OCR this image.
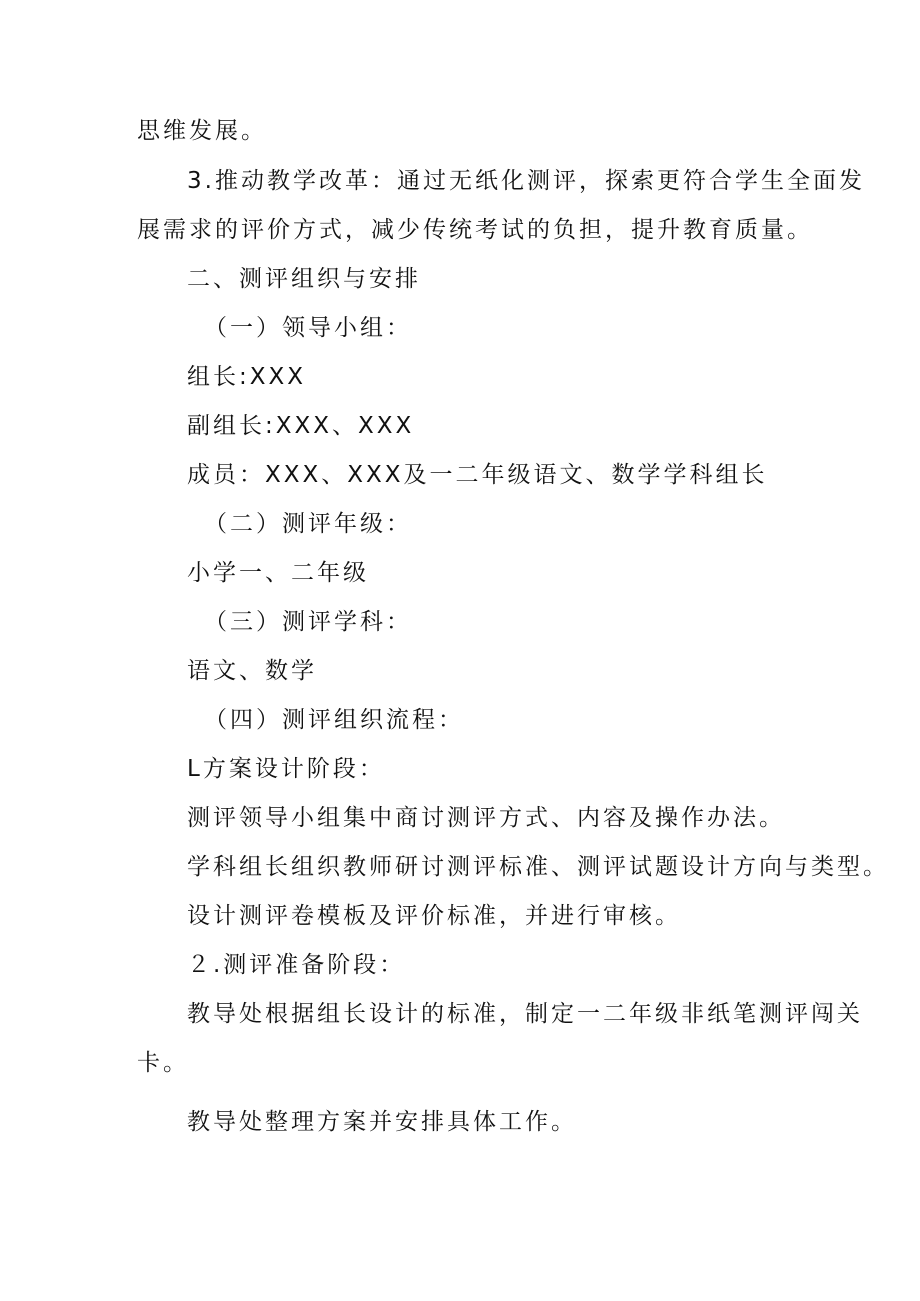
思维发展。
3.推动教学改革：通过无纸化测评，探索更符合学生全面发
展需求的评价方式，减少传统考试的负担，提升教育质量。
二、测评组织与安排
（一）领导小组：
组长:XXX
副组长:XXX、XXX
成员：XXX、XXX及一二年级语文、数学学科组长
（二）测评年级：
小学一、二年级
（三）测评学科：
语文、数学
（四）测评组织流程：
L方案设计阶段：
测评领导小组集中商讨测评方式、内容及操作办法。
学科组长组织教师研讨测评标准、测评试题设计方向与类型。
设计测评卷模板及评价标准，并进行审核。
２.测评准备阶段：
教导处根据组长设计的标准，制定一二年级非纸笔测评闯关
卡。
教导处整理方案并安排具体工作。
